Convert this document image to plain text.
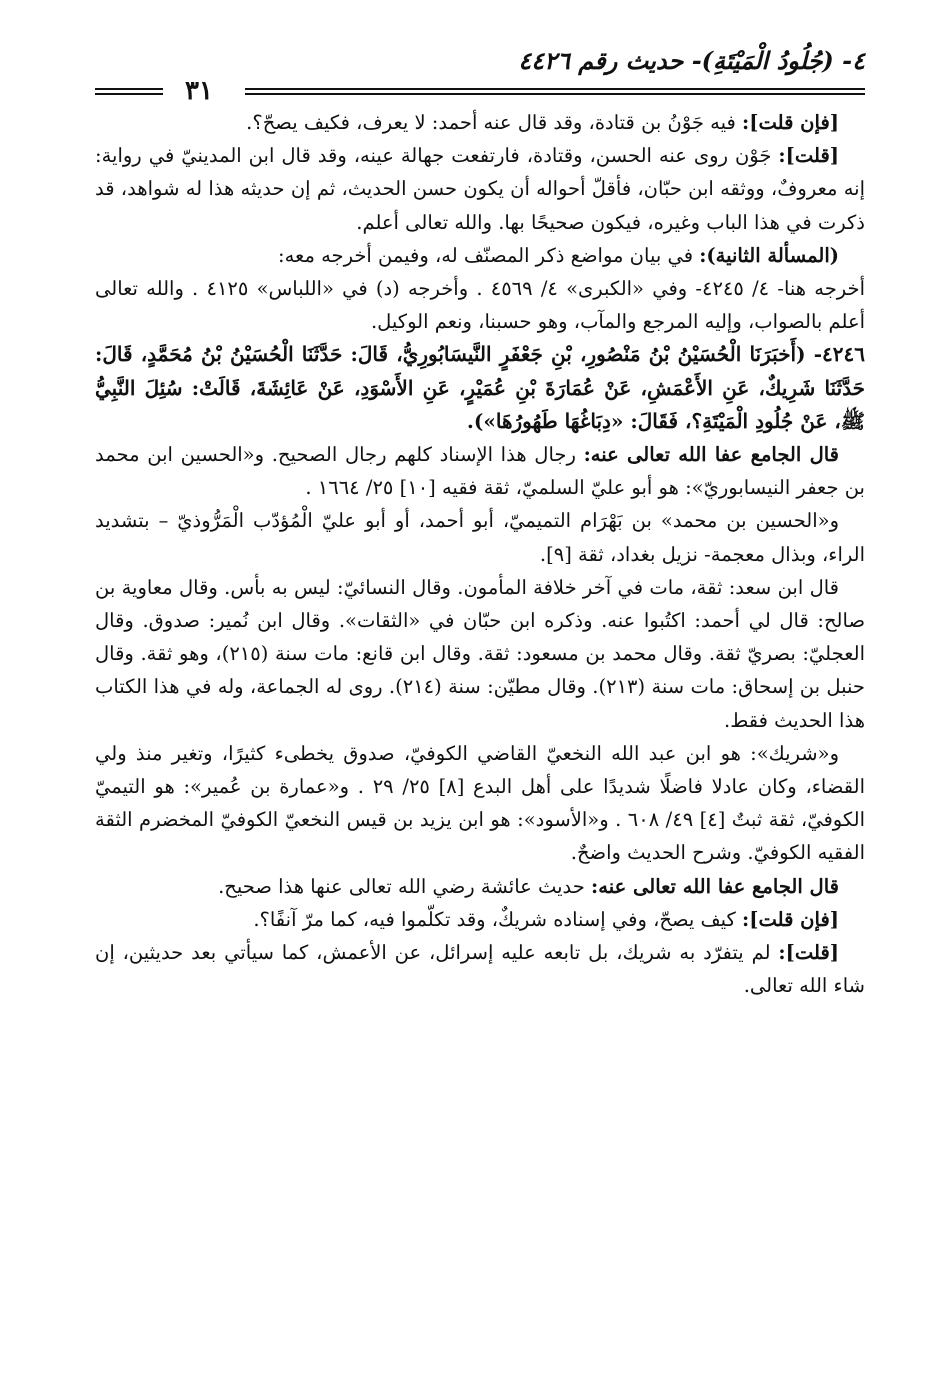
٤- (جُلُودُ الْمَيْتَةِ)- حديث رقم ٤٤٢٦
٣١

[فإن قلت]: فيه جَوْنُ بن قتادة، وقد قال عنه أحمد: لا يعرف، فكيف يصحّ؟.

[قلت]: جَوْن روى عنه الحسن، وقتادة، فارتفعت جهالة عينه، وقد قال ابن المدينيّ في رواية: إنه معروفٌ، ووثقه ابن حبّان، فأقلّ أحواله أن يكون حسن الحديث، ثم إن حديثه هذا له شواهد، قد ذكرت في هذا الباب وغيره، فيكون صحيحًا بها. والله تعالى أعلم.

(المسألة الثانية): في بيان مواضع ذكر المصنّف له، وفيمن أخرجه معه:

أخرجه هنا- ٤/ ٤٢٤٥- وفي «الكبرى» ٤/ ٤٥٦٩ . وأخرجه (د) في «اللباس» ٤١٢٥ . والله تعالى أعلم بالصواب، وإليه المرجع والمآب، وهو حسبنا، ونعم الوكيل.

٤٢٤٦- (أَخبَرَنَا الْحُسَيْنُ بْنُ مَنْصُورِ، بْنِ جَعْفَرٍ النَّيسَابُورِيُّ، قَالَ: حَدَّثَنَا الْحُسَيْنُ بْنُ مُحَمَّدٍ، قَالَ: حَدَّثَنَا شَرِيكٌ، عَنِ الأَعْمَشِ، عَنْ عُمَارَةَ بْنِ عُمَيْرٍ، عَنِ الأَسْوَدِ، عَنْ عَائِشَةَ، قَالَتْ: سُئِلَ النَّبِيُّ ﷺ، عَنْ جُلُودِ الْمَيْتَةِ؟، فَقَالَ: «دِبَاغُهَا طَهُورُهَا»).

قال الجامع عفا الله تعالى عنه: رجال هذا الإسناد كلهم رجال الصحيح. و«الحسين ابن محمد بن جعفر النيسابوريّ»: هو أبو عليّ السلميّ، ثقة فقيه [١٠] ٢٥/ ١٦٦٤ .

و«الحسين بن محمد» بن بَهْرَام التميميّ، أبو أحمد، أو أبو عليّ الْمُؤدّب الْمَرُّوذيّ – بتشديد الراء، وبذال معجمة- نزيل بغداد، ثقة [٩].

قال ابن سعد: ثقة، مات في آخر خلافة المأمون. وقال النسائيّ: ليس به بأس. وقال معاوية بن صالح: قال لي أحمد: اكتُبوا عنه. وذكره ابن حبّان في «الثقات». وقال ابن نُمير: صدوق. وقال العجليّ: بصريّ ثقة. وقال محمد بن مسعود: ثقة. وقال ابن قانع: مات سنة (٢١٥)، وهو ثقة. وقال حنبل بن إسحاق: مات سنة (٢١٣). وقال مطيّن: سنة (٢١٤). روى له الجماعة، وله في هذا الكتاب هذا الحديث فقط.

و«شريك»: هو ابن عبد الله النخعيّ القاضي الكوفيّ، صدوق يخطىء كثيرًا، وتغير منذ ولي القضاء، وكان عادلا فاضلًا شديدًا على أهل البدع [٨] ٢٥/ ٢٩ . و«عمارة بن عُمير»: هو التيميّ الكوفيّ، ثقة ثبتٌ [٤] ٤٩/ ٦٠٨ . و«الأسود»: هو ابن يزيد بن قيس النخعيّ الكوفيّ المخضرم الثقة الفقيه الكوفيّ. وشرح الحديث واضحٌ.

قال الجامع عفا الله تعالى عنه: حديث عائشة رضي الله تعالى عنها هذا صحيح.

[فإن قلت]: كيف يصحّ، وفي إسناده شريكٌ، وقد تكلّموا فيه، كما مرّ آنفًا؟.

[قلت]: لم يتفرّد به شريك، بل تابعه عليه إسرائل، عن الأعمش، كما سيأتي بعد حديثين، إن شاء الله تعالى.
